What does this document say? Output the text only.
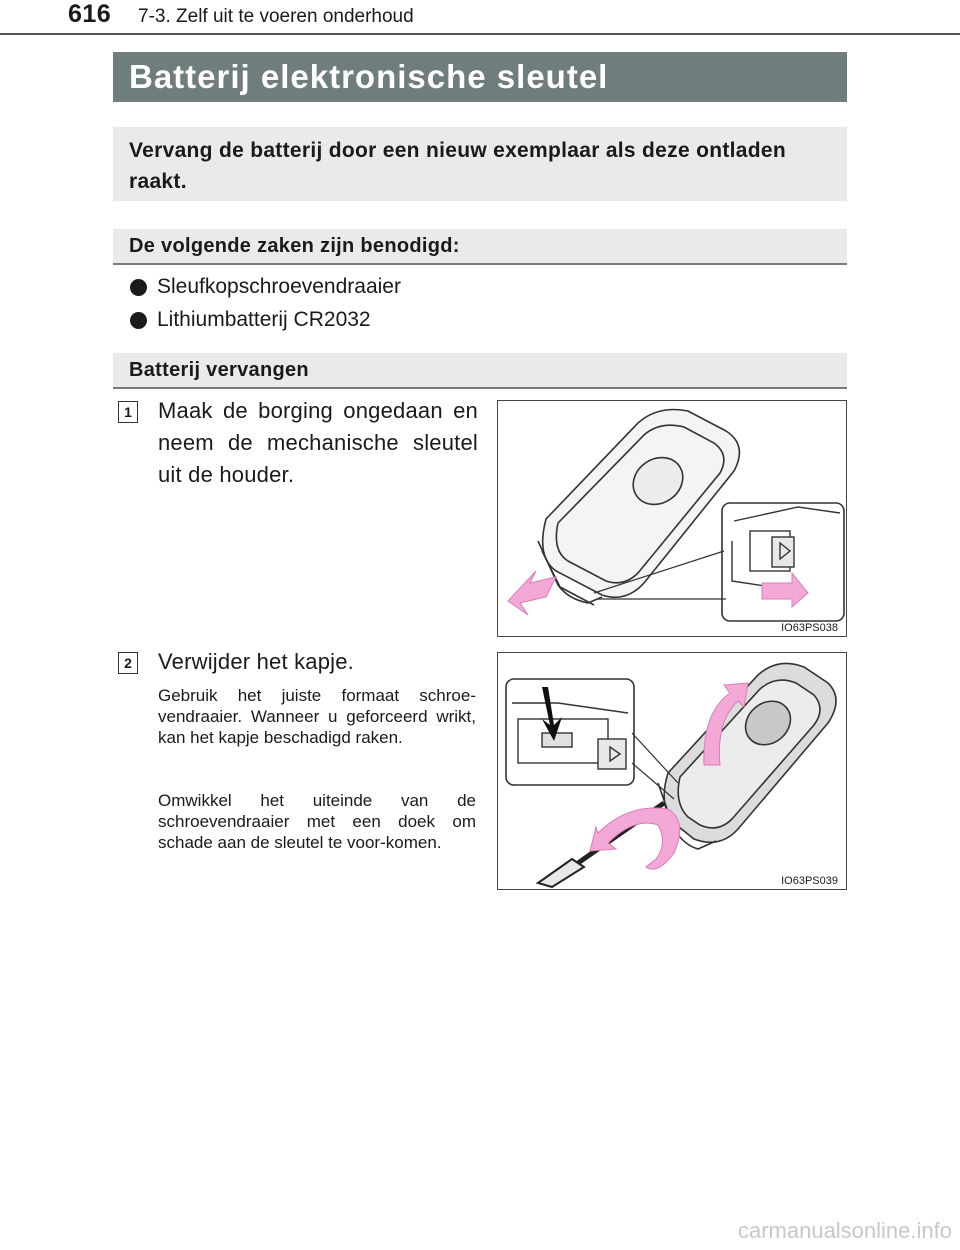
616 7-3. Zelf uit te voeren onderhoud
Batterij elektronische sleutel
Vervang de batterij door een nieuw exemplaar als deze ontladen raakt.
De volgende zaken zijn benodigd:
Sleufkopschroevendraaier
Lithiumbatterij CR2032
Batterij vervangen
1 Maak de borging ongedaan en neem de mechanische sleutel uit de houder.
IO63PS038
2 Verwijder het kapje.
Gebruik het juiste formaat schroe-vendraaier. Wanneer u geforceerd wrikt, kan het kapje beschadigd raken.
Omwikkel het uiteinde van de schroevendraaier met een doek om schade aan de sleutel te voor-komen.
IO63PS039
carmanualsonline.info
